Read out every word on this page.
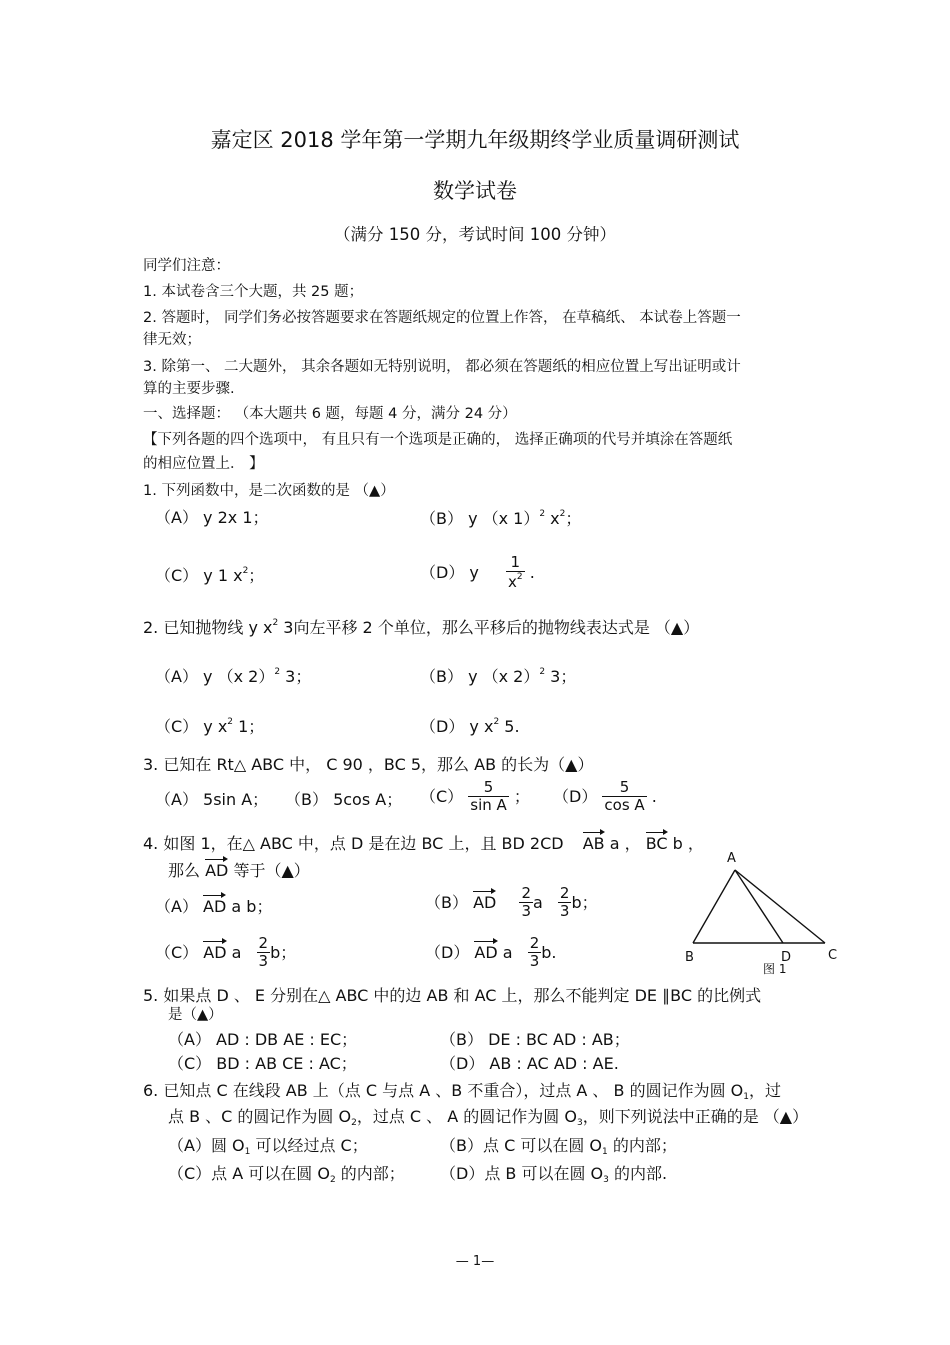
嘉定区 2018 学年第一学期九年级期终学业质量调研测试
数学试卷
（满分 150 分，考试时间 100 分钟）
同学们注意：
1. 本试卷含三个大题，共 25 题；
2. 答题时， 同学们务必按答题要求在答题纸规定的位置上作答， 在草稿纸、 本试卷上答题一
律无效；
3. 除第一、 二大题外， 其余各题如无特别说明， 都必须在答题纸的相应位置上写出证明或计
算的主要步骤.
一、选择题： （本大题共 6 题，每题 4 分，满分 24 分）
【下列各题的四个选项中， 有且只有一个选项是正确的， 选择正确项的代号并填涂在答题纸
的相应位置上． 】
1. 下列函数中，是二次函数的是 （▲）
（A） y 2x 1；	（B） y （x 1）$^2$ $x^2$；
（C） y 1 $x^2$；	（D） y $\frac{1}{x^2}$ .
2. 已知抛物线 y $x^2$ 3向左平移 2 个单位，那么平移后的抛物线表达式是 （▲）
（A） y （x 2）$^2$ 3；	（B） y （x 2）$^2$ 3；
（C） y $x^2$ 1；	（D） y $x^2$ 5.
3. 已知在 Rt△ ABC 中， C 90 ，BC 5，那么 AB 的长为（▲）
（A） 5sin A； （B） 5cos A； $(C) \frac{5}{\text{sin A}}$ ； $(D) \frac{5}{\text{cos A}}$ .
4. 如图 1，在△ ABC 中，点 D 是在边 BC 上，且 BD 2CD AB a ， BC b ，
那么 AD 等于（▲）
（A） AD a b；	（B） AD $\frac{2}{3}$ a $\frac{2}{3}$ b；
（C） AD a $\frac{2}{3}$ b；	（D） AD a $\frac{2}{3} b$.
A
B	D	C
图 1
5. 如果点 D 、 E 分别在△ ABC 中的边 AB 和 AC 上，那么不能判定 DE ∥BC 的比例式
是（▲）
（A） AD : DB AE : EC；	（B） DE : BC AD : AB；
（C） BD : AB CE : AC；	（D） AB : AC AD : AE.
6. 已知点 C 在线段 AB 上（点 C 与点 A 、B 不重合），过点 A 、 B 的圆记作为圆 $O_1$，过
点 B 、C 的圆记作为圆 $O_2$，过点 C 、 A 的圆记作为圆 $O_3$，则下列说法中正确的是 （▲）
（A）圆 $O_1$ 可以经过点 C；	（B）点 C 可以在圆 $O_1$ 的内部；
（C）点 A 可以在圆 $O_2$ 的内部； （D）点 B 可以在圆 $O_3$ 的内部.
— 1—
